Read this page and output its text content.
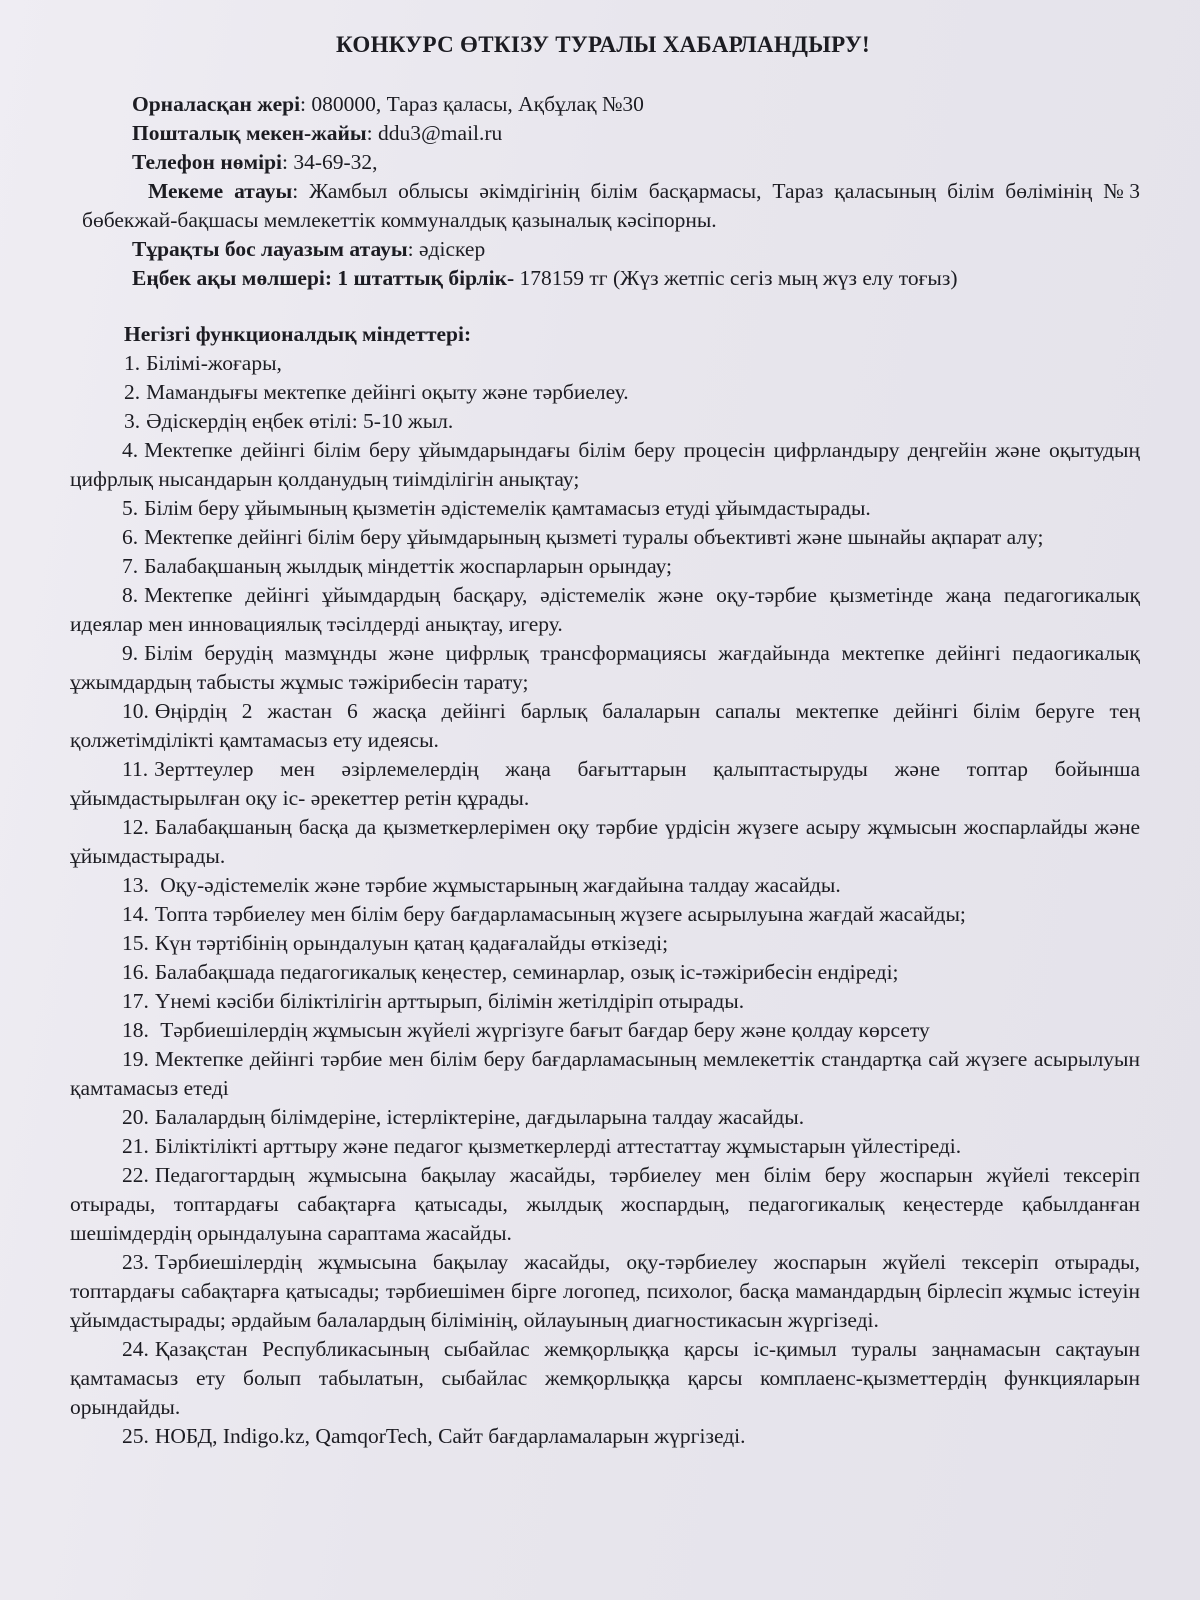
КОНКУРС ӨТКІЗУ ТУРАЛЫ ХАБАРЛАНДЫРУ!
Орналасқан жері: 080000, Тараз қаласы, Ақбұлақ №30
Пошталық мекен-жайы: ddu3@mail.ru
Телефон нөмірі: 34-69-32,
Мекеме атауы: Жамбыл облысы әкімдігінің білім басқармасы, Тараз қаласының білім бөлімінің №3 бөбекжай-бақшасы мемлекеттік коммуналдық қазыналық кәсіпорны.
Тұрақты бос лауазым атауы: әдіскер
Еңбек ақы мөлшері: 1 штаттық бірлік- 178159 тг (Жүз жетпіс сегіз мың жүз елу тоғыз)
Негізгі функционалдық міндеттері:
1. Білімі-жоғары,
2. Мамандығы мектепке дейінгі оқыту және тәрбиелеу.
3. Әдіскердің еңбек өтілі: 5-10 жыл.
4. Мектепке дейінгі білім беру ұйымдарындағы білім беру процесін цифрландыру деңгейін және оқытудың цифрлық нысандарын қолданудың тиімділігін анықтау;
5. Білім беру ұйымының қызметін әдістемелік қамтамасыз етуді ұйымдастырады.
6. Мектепке дейінгі білім беру ұйымдарының қызметі туралы объективті және шынайы ақпарат алу;
7. Балабақшаның жылдық міндеттік жоспарларын орындау;
8. Мектепке дейінгі ұйымдардың басқару, әдістемелік және оқу-тәрбие қызметінде жаңа педагогикалық идеялар мен инновациялық тәсілдерді анықтау, игеру.
9. Білім берудің мазмұнды және цифрлық трансформациясы жағдайында мектепке дейінгі педаогикалық ұжымдардың табысты жұмыс тәжірибесін тарату;
10. Өңірдің 2 жастан 6 жасқа дейінгі барлық балаларын сапалы мектепке дейінгі білім беруге тең қолжетімділікті қамтамасыз ету идеясы.
11. Зерттеулер мен әзірлемелердің жаңа бағыттарын қалыптастыруды және топтар бойынша ұйымдастырылған оқу іс- әрекеттер ретін құрады.
12. Балабақшаның басқа да қызметкерлерімен оқу тәрбие үрдісін жүзеге асыру жұмысын жоспарлайды және ұйымдастырады.
13. Оқу-әдістемелік және тәрбие жұмыстарының жағдайына талдау жасайды.
14. Топта тәрбиелеу мен білім беру бағдарламасының жүзеге асырылуына жағдай жасайды;
15. Күн тәртібінің орындалуын қатаң қадағалайды өткізеді;
16. Балабақшада педагогикалық кеңестер, семинарлар, озық іс-тәжірибесін ендіреді;
17. Үнемі кәсіби біліктілігін арттырып, білімін жетілдіріп отырады.
18. Тәрбиешілердің жұмысын жүйелі жүргізуге бағыт бағдар беру және қолдау көрсету
19. Мектепке дейінгі тәрбие мен білім беру бағдарламасының мемлекеттік стандартқа сай жүзеге асырылуын қамтамасыз етеді
20. Балалардың білімдеріне, істерліктеріне, дағдыларына талдау жасайды.
21. Біліктілікті арттыру және педагог қызметкерлерді аттестаттау жұмыстарын үйлестіреді.
22. Педагогтардың жұмысына бақылау жасайды, тәрбиелеу мен білім беру жоспарын жүйелі тексеріп отырады, топтардағы сабақтарға қатысады, жылдық жоспардың, педагогикалық кеңестерде қабылданған шешімдердің орындалуына сараптама жасайды.
23. Тәрбиешілердің жұмысына бақылау жасайды, оқу-тәрбиелеу жоспарын жүйелі тексеріп отырады, топтардағы сабақтарға қатысады; тәрбиешімен бірге логопед, психолог, басқа мамандардың бірлесіп жұмыс істеуін ұйымдастырады; әрдайым балалардың білімінің, ойлауының диагностикасын жүргізеді.
24. Қазақстан Республикасының сыбайлас жемқорлыққа қарсы іс-қимыл туралы заңнамасын сақтауын қамтамасыз ету болып табылатын, сыбайлас жемқорлыққа қарсы комплаенс-қызметтердің функцияларын орындайды.
25. НОБД, Indigo.kz, QamqorTech, Сайт бағдарламаларын жүргізеді.
